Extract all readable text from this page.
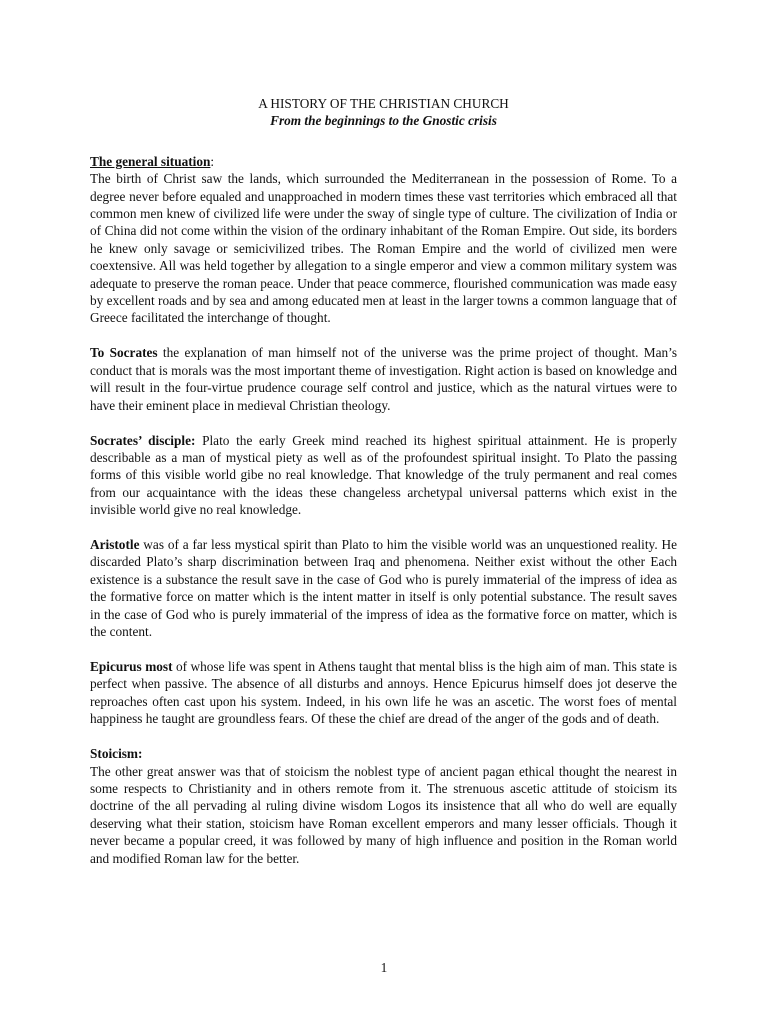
A HISTORY OF THE CHRISTIAN CHURCH
From the beginnings to the Gnostic crisis
The general situation:

The birth of Christ saw the lands, which surrounded the Mediterranean in the possession of Rome. To a degree never before equaled and unapproached in modern times these vast territories which embraced all that common men knew of civilized life were under the sway of single type of culture. The civilization of India or of China did not come within the vision of the ordinary inhabitant of the Roman Empire. Out side, its borders he knew only savage or semicivilized tribes. The Roman Empire and the world of civilized men were coextensive. All was held together by allegation to a single emperor and view a common military system was adequate to preserve the roman peace. Under that peace commerce, flourished communication was made easy by excellent roads and by sea and among educated men at least in the larger towns a common language that of Greece facilitated the interchange of thought.

To Socrates the explanation of man himself not of the universe was the prime project of thought. Man’s conduct that is morals was the most important theme of investigation. Right action is based on knowledge and will result in the four-virtue prudence courage self control and justice, which as the natural virtues were to have their eminent place in medieval Christian theology.

Socrates’ disciple: Plato the early Greek mind reached its highest spiritual attainment. He is properly describable as a man of mystical piety as well as of the profoundest spiritual insight. To Plato the passing forms of this visible world gibe no real knowledge. That knowledge of the truly permanent and real comes from our acquaintance with the ideas these changeless archetypal universal patterns which exist in the invisible world give no real knowledge.

Aristotle was of a far less mystical spirit than Plato to him the visible world was an unquestioned reality. He discarded Plato’s sharp discrimination between Iraq and phenomena. Neither exist without the other Each existence is a substance the result save in the case of God who is purely immaterial of the impress of idea as the formative force on matter which is the intent matter in itself is only potential substance. The result saves in the case of God who is purely immaterial of the impress of idea as the formative force on matter, which is the content.

Epicurus most of whose life was spent in Athens taught that mental bliss is the high aim of man. This state is perfect when passive. The absence of all disturbs and annoys. Hence Epicurus himself does jot deserve the reproaches often cast upon his system. Indeed, in his own life he was an ascetic. The worst foes of mental happiness he taught are groundless fears. Of these the chief are dread of the anger of the gods and of death.

Stoicism:

The other great answer was that of stoicism the noblest type of ancient pagan ethical thought the nearest in some respects to Christianity and in others remote from it. The strenuous ascetic attitude of stoicism its doctrine of the all pervading al ruling divine wisdom Logos its insistence that all who do well are equally deserving what their station, stoicism have Roman excellent emperors and many lesser officials. Though it never became a popular creed, it was followed by many of high influence and position in the Roman world and modified Roman law for the better.

1
